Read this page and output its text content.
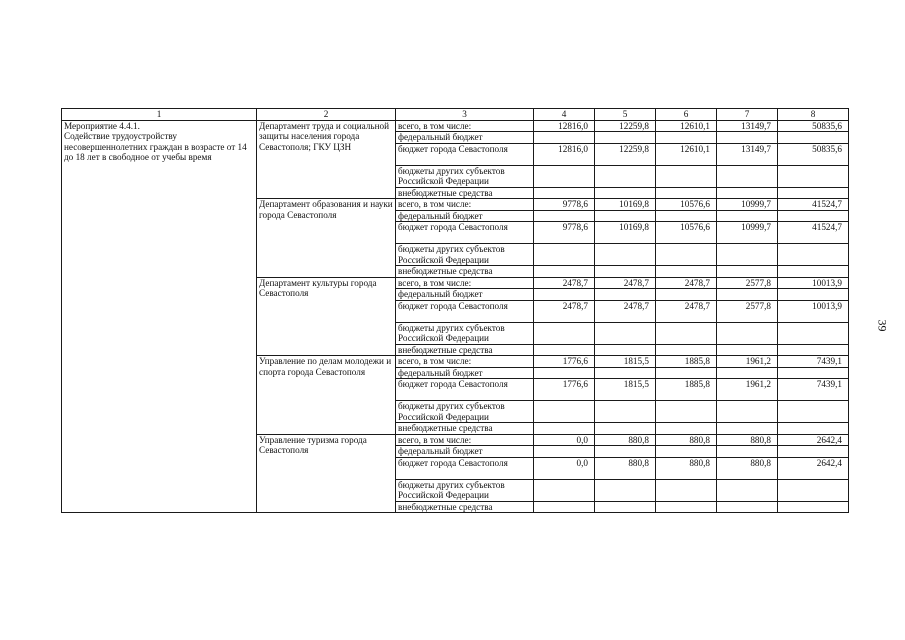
1	2	3	4	5	6	7	8
Мероприятие 4.4.1.
Содействие трудоустройству несовершеннолетних граждан в возрасте от 14 до 18 лет в свободное от учебы время	Департамент труда и социальной защиты населения города Севастополя; ГКУ ЦЗН	всего, в том числе:	12816,0	12259,8	12610,1	13149,7	50835,6
		федеральный бюджет					
		бюджет города Севастополя	12816,0	12259,8	12610,1	13149,7	50835,6
		бюджеты других субъектов Российской Федерации					
		внебюджетные средства					
	Департамент образования и науки города Севастополя	всего, в том числе:	9778,6	10169,8	10576,6	10999,7	41524,7
		федеральный бюджет					
		бюджет города Севастополя	9778,6	10169,8	10576,6	10999,7	41524,7
		бюджеты других субъектов Российской Федерации					
		внебюджетные средства					
	Департамент культуры города Севастополя	всего, в том числе:	2478,7	2478,7	2478,7	2577,8	10013,9
		федеральный бюджет					
		бюджет города Севастополя	2478,7	2478,7	2478,7	2577,8	10013,9
		бюджеты других субъектов Российской Федерации					
		внебюджетные средства					
	Управление по делам молодежи и спорта города Севастополя	всего, в том числе:	1776,6	1815,5	1885,8	1961,2	7439,1
		федеральный бюджет					
		бюджет города Севастополя	1776,6	1815,5	1885,8	1961,2	7439,1
		бюджеты других субъектов Российской Федерации					
		внебюджетные средства					
	Управление туризма города Севастополя	всего, в том числе:	0,0	880,8	880,8	880,8	2642,4
		федеральный бюджет					
		бюджет города Севастополя	0,0	880,8	880,8	880,8	2642,4
		бюджеты других субъектов Российской Федерации					
		внебюджетные средства					
39
